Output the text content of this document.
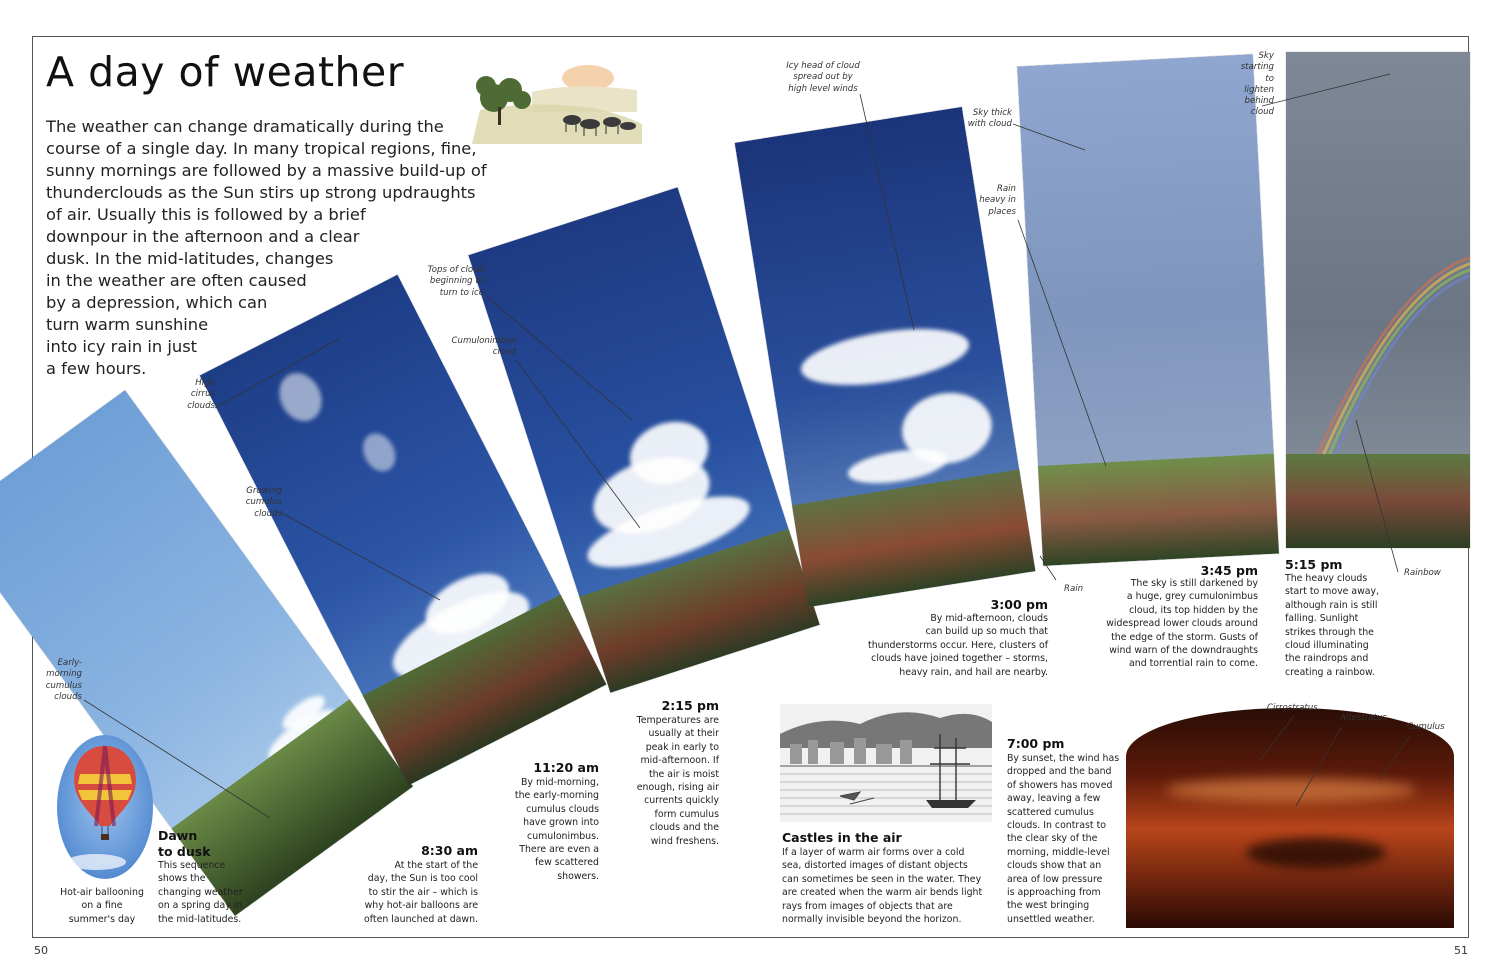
A day of weather
The weather can change dramatically during the
course of a single day. In many tropical regions, fine,
sunny mornings are followed by a massive build-up of
thunderclouds as the Sun stirs up strong updraughts
of air. Usually this is followed by a brief
downpour in the afternoon and a clear
dusk. In the mid-latitudes, changes
in the weather are often caused
by a depression, which can
turn warm sunshine
into icy rain in just
a few hours.
Early-
morning
cumulus
clouds
High
cirrus
clouds
Growing
cumulus
clouds
Tops of cloud
beginning to
turn to ice
Cumulonimbus
cloud
Icy head of cloud
spread out by
high level winds
Sky thick
with cloud
Rain
heavy in
places
Rain
Sky
starting
to
lighten
behind
cloud
Rainbow
Cirrostratus
Altostratus
Cumulus
Hot-air ballooning
on a fine
summer's day
Dawn
to dusk
This sequence
shows the
changing weather
on a spring day in
the mid-latitudes.
8:30 am
At the start of the
day, the Sun is too cool
to stir the air – which is
why hot-air balloons are
often launched at dawn.
11:20 am
By mid-morning,
the early-morning
cumulus clouds
have grown into
cumulonimbus.
There are even a
few scattered
showers.
2:15 pm
Temperatures are
usually at their
peak in early to
mid-afternoon. If
the air is moist
enough, rising air
currents quickly
form cumulus
clouds and the
wind freshens.
3:00 pm
By mid-afternoon, clouds
can build up so much that
thunderstorms occur. Here, clusters of
clouds have joined together – storms,
heavy rain, and hail are nearby.
3:45 pm
The sky is still darkened by
a huge, grey cumulonimbus
cloud, its top hidden by the
widespread lower clouds around
the edge of the storm. Gusts of
wind warn of the downdraughts
and torrential rain to come.
5:15 pm
The heavy clouds
start to move away,
although rain is still
falling. Sunlight
strikes through the
cloud illuminating
the raindrops and
creating a rainbow.
7:00 pm
By sunset, the wind has
dropped and the band
of showers has moved
away, leaving a few
scattered cumulus
clouds. In contrast to
the clear sky of the
morning, middle-level
clouds show that an
area of low pressure
is approaching from
the west bringing
unsettled weather.
Castles in the air
If a layer of warm air forms over a cold
sea, distorted images of distant objects
can sometimes be seen in the water. They
are created when the warm air bends light
rays from images of objects that are
normally invisible beyond the horizon.
50	51
